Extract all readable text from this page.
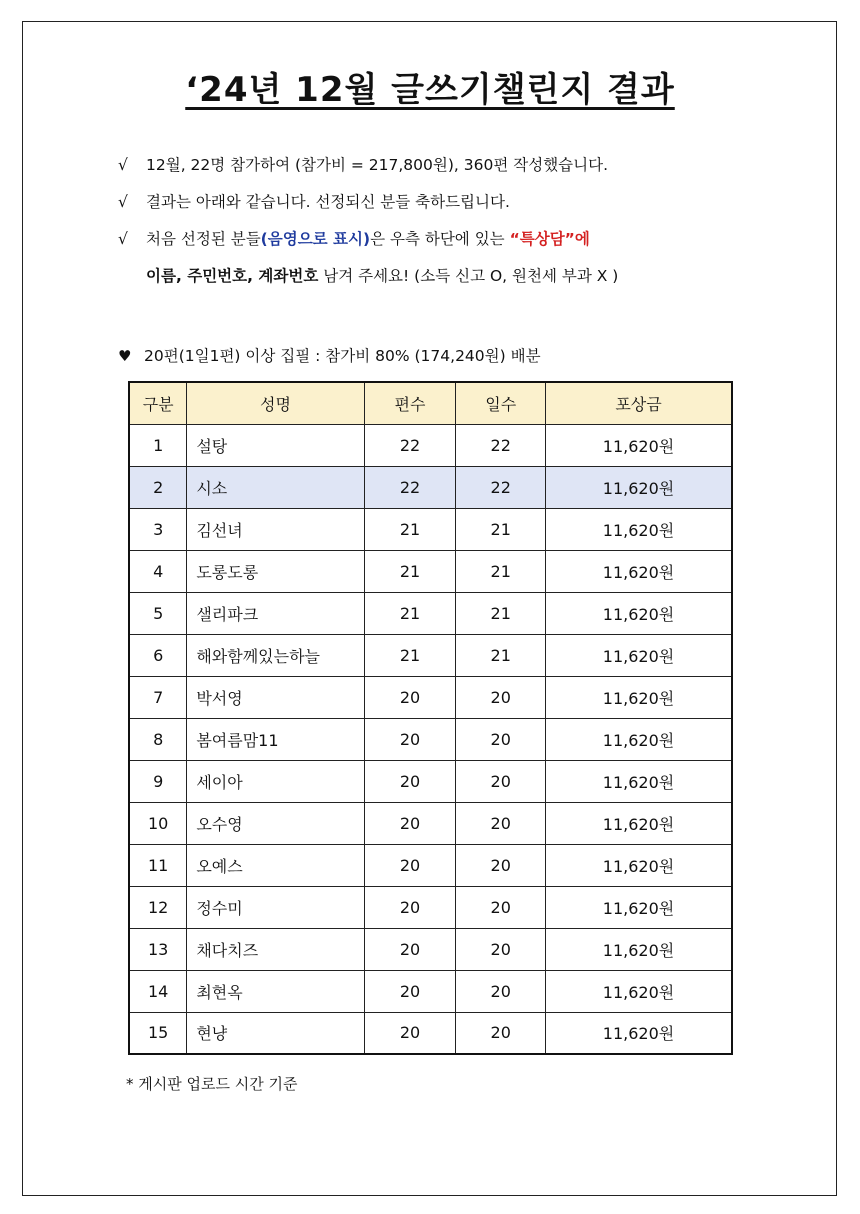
‘24년 12월 글쓰기챌린지 결과
√ 12월, 22명 참가하여 (참가비 = 217,800원), 360편 작성했습니다.
√ 결과는 아래와 같습니다. 선정되신 분들 축하드립니다.
√ 처음 선정된 분들(음영으로 표시)은 우측 하단에 있는 “특상담”에
이름, 주민번호, 계좌번호 남겨 주세요! (소득 신고 O, 원천세 부과 X )
♥ 20편(1일1편) 이상 집필 : 참가비 80% (174,240원) 배분
구분	성명	편수	일수	포상금
1	설탕	22	22	11,620원
2	시소	22	22	11,620원
3	김선녀	21	21	11,620원
4	도롱도롱	21	21	11,620원
5	샐리파크	21	21	11,620원
6	해와함께있는하늘	21	21	11,620원
7	박서영	20	20	11,620원
8	봄여름맘11	20	20	11,620원
9	세이아	20	20	11,620원
10	오수영	20	20	11,620원
11	오예스	20	20	11,620원
12	정수미	20	20	11,620원
13	채다치즈	20	20	11,620원
14	최현옥	20	20	11,620원
15	현냥	20	20	11,620원
* 게시판 업로드 시간 기준
